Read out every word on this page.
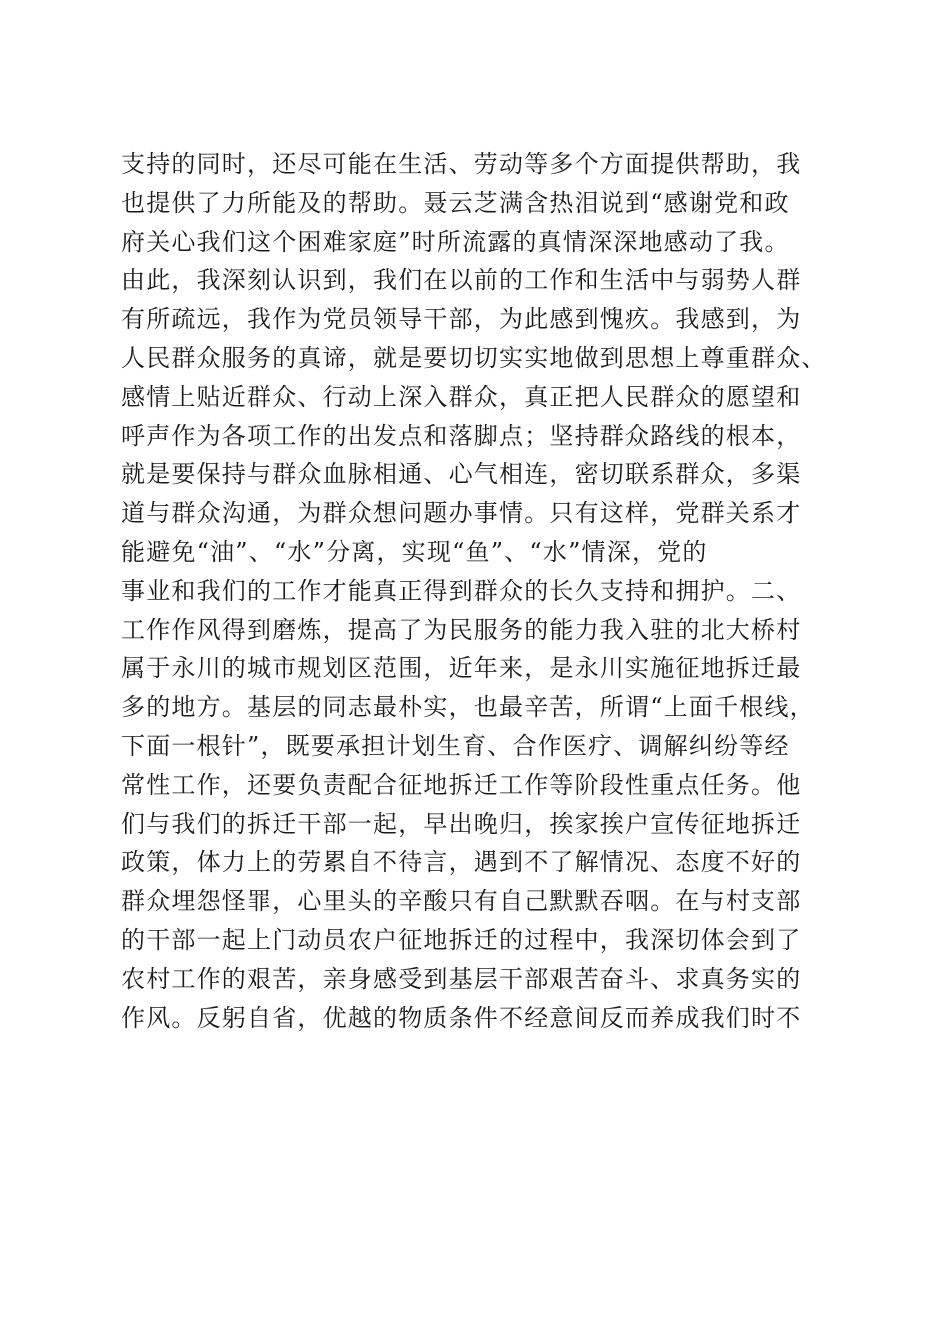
支持的同时，还尽可能在生活、劳动等多个方面提供帮助，我
也提供了力所能及的帮助。聂云芝满含热泪说到“感谢党和政
府关心我们这个困难家庭”时所流露的真情深深地感动了我。
由此，我深刻认识到，我们在以前的工作和生活中与弱势人群
有所疏远，我作为党员领导干部，为此感到愧疚。我感到，为
人民群众服务的真谛，就是要切切实实地做到思想上尊重群众、
感情上贴近群众、行动上深入群众，真正把人民群众的愿望和
呼声作为各项工作的出发点和落脚点；坚持群众路线的根本，
就是要保持与群众血脉相通、心气相连，密切联系群众，多渠
道与群众沟通，为群众想问题办事情。只有这样，党群关系才
能避免“油”、“水”分离，实现“鱼”、“水”情深，党的
事业和我们的工作才能真正得到群众的长久支持和拥护。二、
工作作风得到磨炼，提高了为民服务的能力我入驻的北大桥村
属于永川的城市规划区范围，近年来，是永川实施征地拆迁最
多的地方。基层的同志最朴实，也最辛苦，所谓“上面千根线，
下面一根针”，既要承担计划生育、合作医疗、调解纠纷等经
常性工作，还要负责配合征地拆迁工作等阶段性重点任务。他
们与我们的拆迁干部一起，早出晚归，挨家挨户宣传征地拆迁
政策，体力上的劳累自不待言，遇到不了解情况、态度不好的
群众埋怨怪罪，心里头的辛酸只有自己默默吞咽。在与村支部
的干部一起上门动员农户征地拆迁的过程中，我深切体会到了
农村工作的艰苦，亲身感受到基层干部艰苦奋斗、求真务实的
作风。反躬自省，优越的物质条件不经意间反而养成我们时不
